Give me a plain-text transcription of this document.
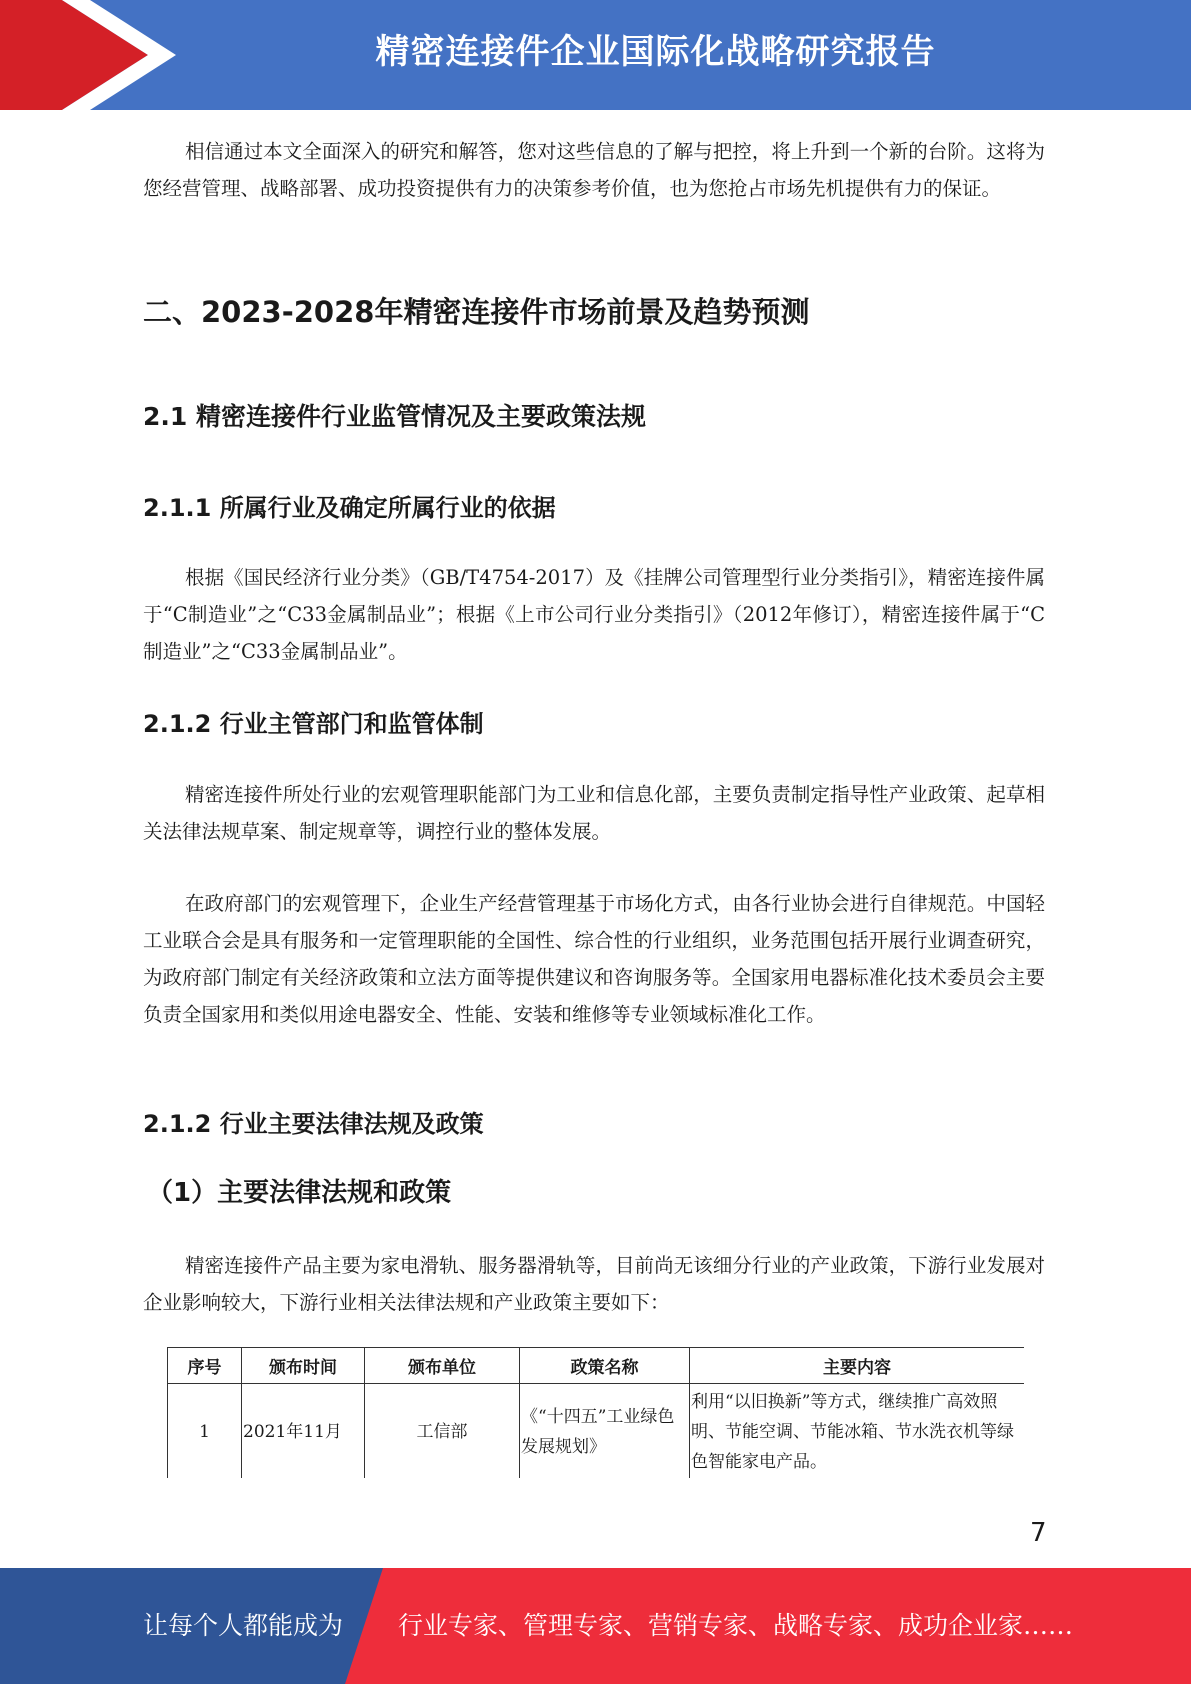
精密连接件企业国际化战略研究报告

相信通过本文全面深入的研究和解答，您对这些信息的了解与把控，将上升到一个新的台阶。这将为您经营管理、战略部署、成功投资提供有力的决策参考价值，也为您抢占市场先机提供有力的保证。

二、2023-2028年精密连接件市场前景及趋势预测
2.1 精密连接件行业监管情况及主要政策法规
2.1.1 所属行业及确定所属行业的依据

根据《国民经济行业分类》（GB/T4754-2017）及《挂牌公司管理型行业分类指引》，精密连接件属于“C制造业”之“C33金属制品业”；根据《上市公司行业分类指引》（2012年修订），精密连接件属于“C制造业”之“C33金属制品业”。

2.1.2 行业主管部门和监管体制

精密连接件所处行业的宏观管理职能部门为工业和信息化部，主要负责制定指导性产业政策、起草相关法律法规草案、制定规章等，调控行业的整体发展。

在政府部门的宏观管理下，企业生产经营管理基于市场化方式，由各行业协会进行自律规范。中国轻工业联合会是具有服务和一定管理职能的全国性、综合性的行业组织，业务范围包括开展行业调查研究，为政府部门制定有关经济政策和立法方面等提供建议和咨询服务等。全国家用电器标准化技术委员会主要负责全国家用和类似用途电器安全、性能、安装和维修等专业领域标准化工作。

2.1.2 行业主要法律法规及政策
（1）主要法律法规和政策

精密连接件产品主要为家电滑轨、服务器滑轨等，目前尚无该细分行业的产业政策，下游行业发展对企业影响较大，下游行业相关法律法规和产业政策主要如下：

序号	颁布时间	颁布单位	政策名称	主要内容
1	2021年11月	工信部	《“十四五”工业绿色发展规划》	利用“以旧换新”等方式，继续推广高效照明、节能空调、节能冰箱、节水洗衣机等绿色智能家电产品。
7
让每个人都能成为 行业专家、管理专家、营销专家、战略专家、成功企业家……
